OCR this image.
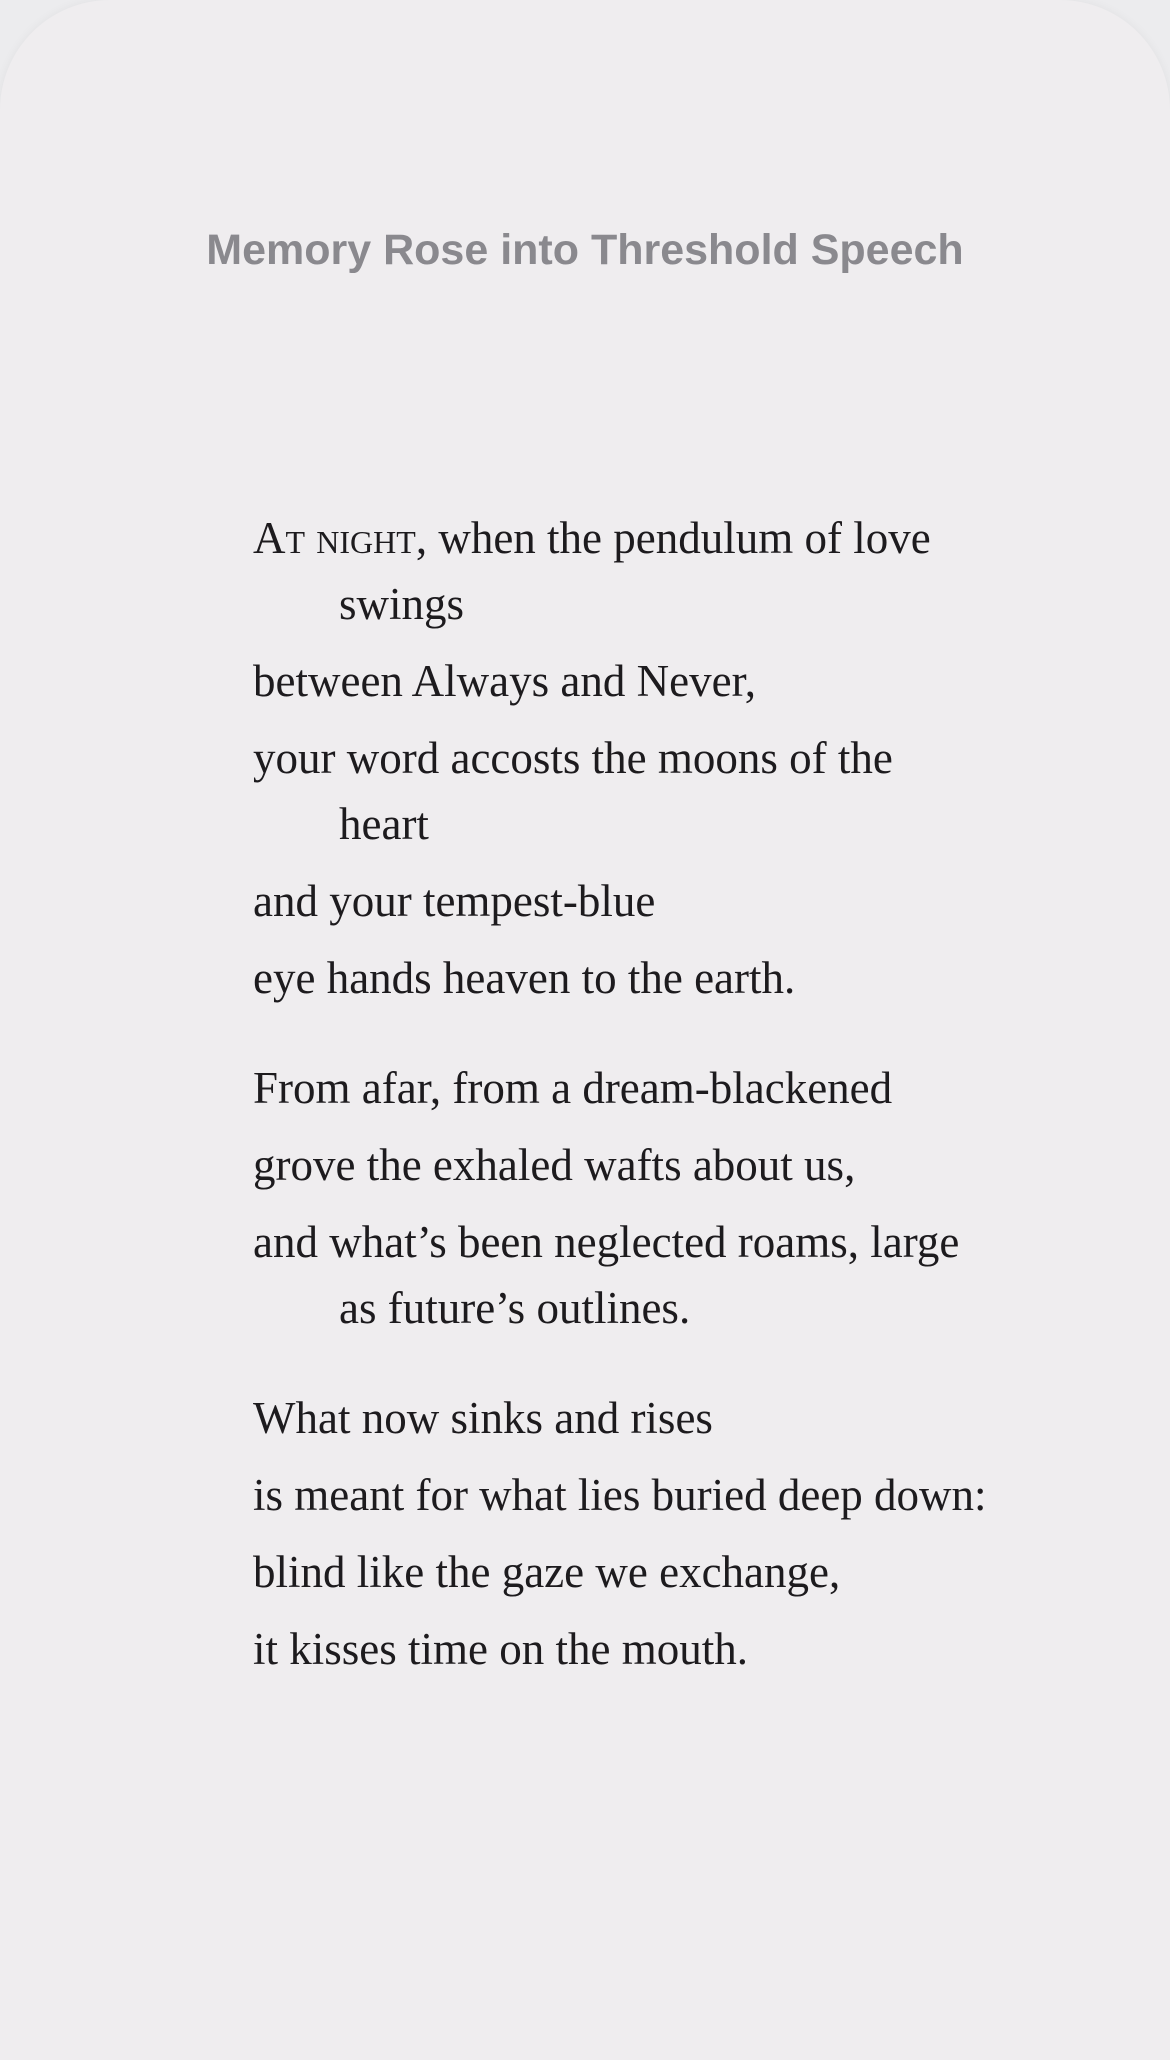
Memory Rose into Threshold Speech
At night, when the pendulum of love swings
between Always and Never,
your word accosts the moons of the heart
and your tempest-blue
eye hands heaven to the earth.
From afar, from a dream-blackened
grove the exhaled wafts about us,
and what’s been neglected roams, large as future’s outlines.
What now sinks and rises
is meant for what lies buried deep down:
blind like the gaze we exchange,
it kisses time on the mouth.
